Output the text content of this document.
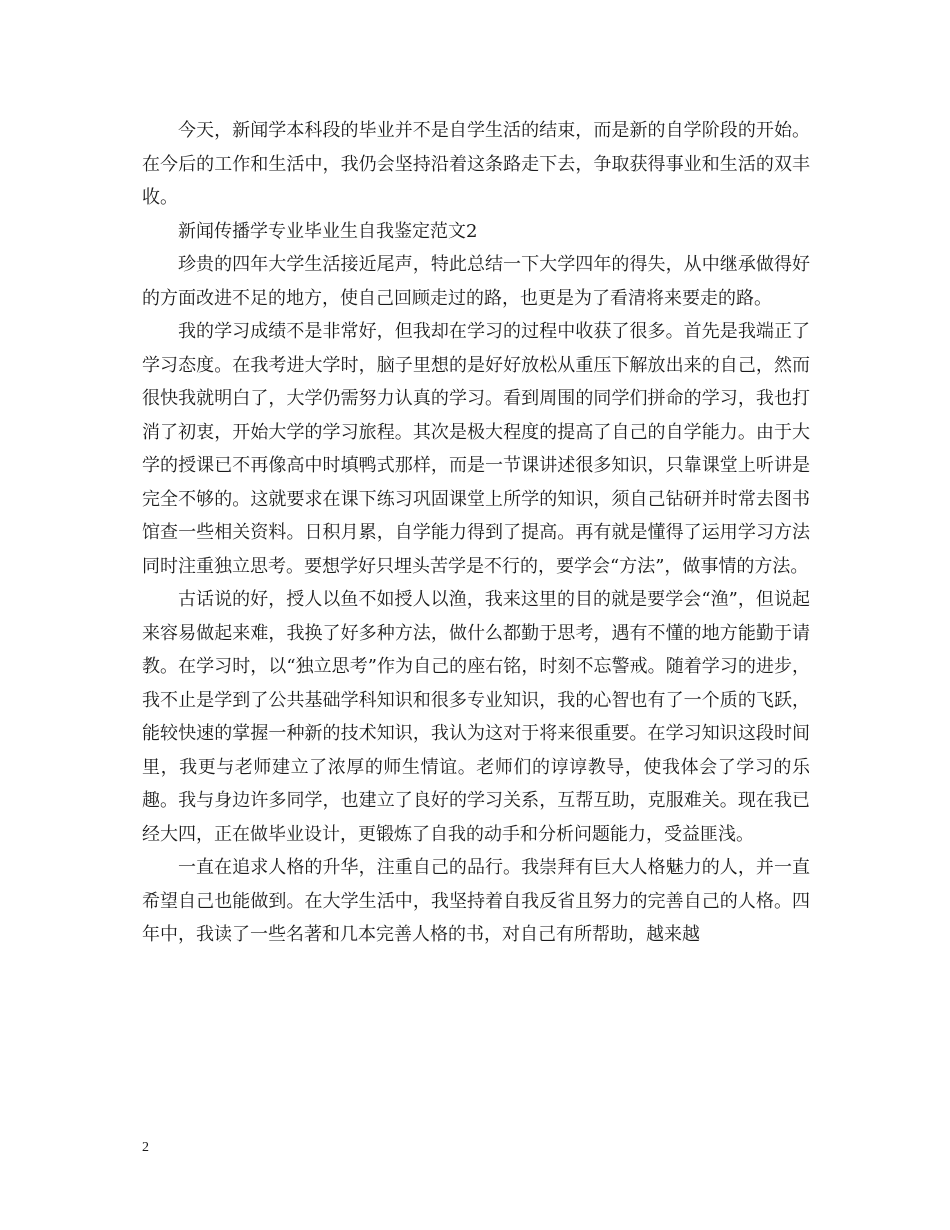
今天，新闻学本科段的毕业并不是自学生活的结束，而是新的自学阶段的开始。在今后的工作和生活中，我仍会坚持沿着这条路走下去，争取获得事业和生活的双丰收。

新闻传播学专业毕业生自我鉴定范文2

珍贵的四年大学生活接近尾声，特此总结一下大学四年的得失，从中继承做得好的方面改进不足的地方，使自己回顾走过的路，也更是为了看清将来要走的路。

我的学习成绩不是非常好，但我却在学习的过程中收获了很多。首先是我端正了学习态度。在我考进大学时，脑子里想的是好好放松从重压下解放出来的自己，然而很快我就明白了，大学仍需努力认真的学习。看到周围的同学们拼命的学习，我也打消了初衷，开始大学的学习旅程。其次是极大程度的提高了自己的自学能力。由于大学的授课已不再像高中时填鸭式那样，而是一节课讲述很多知识，只靠课堂上听讲是完全不够的。这就要求在课下练习巩固课堂上所学的知识，须自己钻研并时常去图书馆查一些相关资料。日积月累，自学能力得到了提高。再有就是懂得了运用学习方法同时注重独立思考。要想学好只埋头苦学是不行的，要学会“方法”，做事情的方法。

古话说的好，授人以鱼不如授人以渔，我来这里的目的就是要学会“渔”，但说起来容易做起来难，我换了好多种方法，做什么都勤于思考，遇有不懂的地方能勤于请教。在学习时，以“独立思考”作为自己的座右铭，时刻不忘警戒。随着学习的进步，我不止是学到了公共基础学科知识和很多专业知识，我的心智也有了一个质的飞跃，能较快速的掌握一种新的技术知识，我认为这对于将来很重要。在学习知识这段时间里，我更与老师建立了浓厚的师生情谊。老师们的谆谆教导，使我体会了学习的乐趣。我与身边许多同学，也建立了良好的学习关系，互帮互助，克服难关。现在我已经大四，正在做毕业设计，更锻炼了自我的动手和分析问题能力，受益匪浅。

一直在追求人格的升华，注重自己的品行。我崇拜有巨大人格魅力的人，并一直希望自己也能做到。在大学生活中，我坚持着自我反省且努力的完善自己的人格。四年中，我读了一些名著和几本完善人格的书，对自己有所帮助，越来越

2
